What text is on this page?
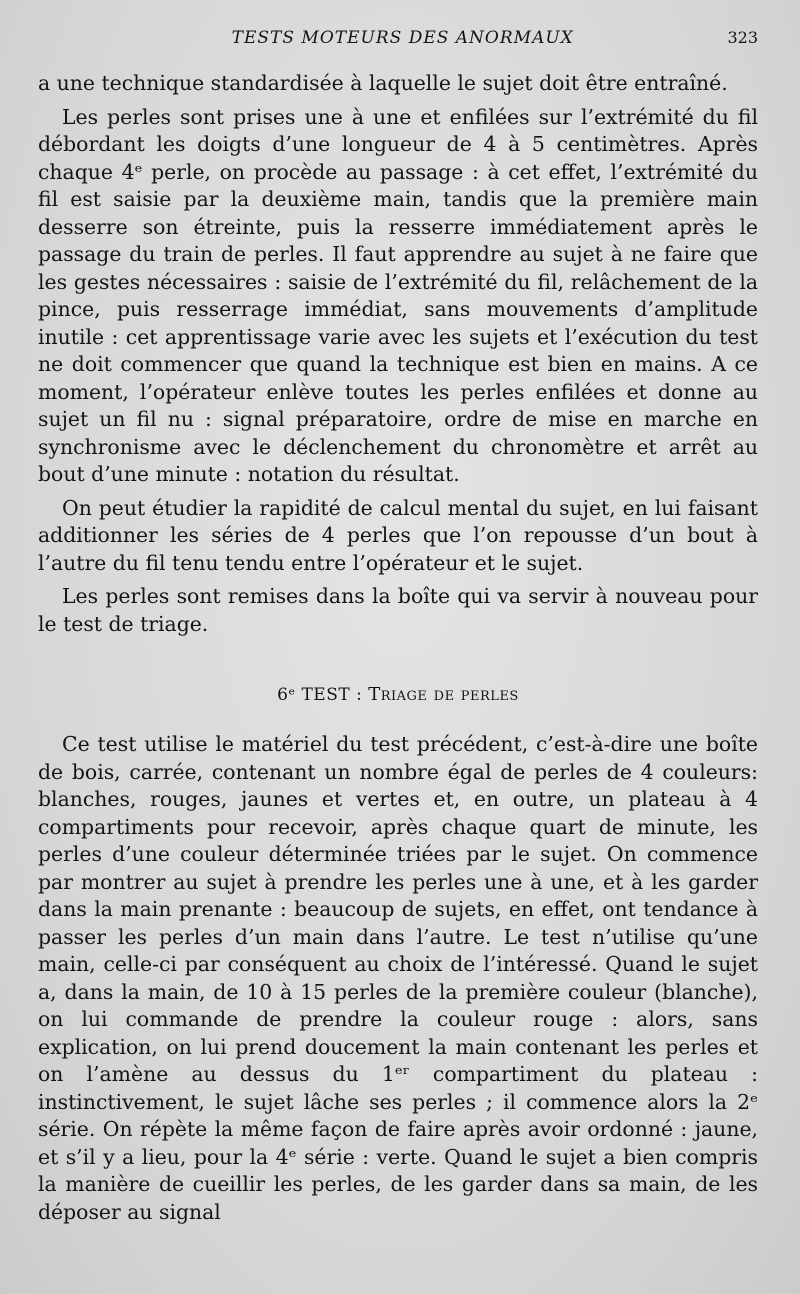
TESTS MOTEURS DES ANORMAUX	323

a une technique standardisée à laquelle le sujet doit être entraîné.

Les perles sont prises une à une et enfilées sur l’extrémité du fil débordant les doigts d’une longueur de 4 à 5 centimètres. Après chaque 4ᵉ perle, on procède au passage : à cet effet, l’extrémité du fil est saisie par la deuxième main, tandis que la première main desserre son étreinte, puis la resserre immédiatement après le passage du train de perles. Il faut apprendre au sujet à ne faire que les gestes nécessaires : saisie de l’extrémité du fil, relâchement de la pince, puis resserrage immédiat, sans mouvements d’amplitude inutile : cet apprentissage varie avec les sujets et l’exécution du test ne doit commencer que quand la technique est bien en mains. A ce moment, l’opérateur enlève toutes les perles enfilées et donne au sujet un fil nu : signal préparatoire, ordre de mise en marche en synchronisme avec le déclenchement du chronomètre et arrêt au bout d’une minute : notation du résultat.

On peut étudier la rapidité de calcul mental du sujet, en lui faisant additionner les séries de 4 perles que l’on repousse d’un bout à l’autre du fil tenu tendu entre l’opérateur et le sujet.

Les perles sont remises dans la boîte qui va servir à nouveau pour le test de triage.

6ᵉ TEST : Triage de perles

Ce test utilise le matériel du test précédent, c’est-à-dire une boîte de bois, carrée, contenant un nombre égal de perles de 4 couleurs: blanches, rouges, jaunes et vertes et, en outre, un plateau à 4 compartiments pour recevoir, après chaque quart de minute, les perles d’une couleur déterminée triées par le sujet. On commence par montrer au sujet à prendre les perles une à une, et à les garder dans la main prenante : beaucoup de sujets, en effet, ont tendance à passer les perles d’un main dans l’autre. Le test n’utilise qu’une main, celle-ci par conséquent au choix de l’intéressé. Quand le sujet a, dans la main, de 10 à 15 perles de la première couleur (blanche), on lui commande de prendre la couleur rouge : alors, sans explication, on lui prend doucement la main contenant les perles et on l’amène au dessus du 1ᵉʳ compartiment du plateau : instinctivement, le sujet lâche ses perles ; il commence alors la 2ᵉ série. On répète la même façon de faire après avoir ordonné : jaune, et s’il y a lieu, pour la 4ᵉ série : verte. Quand le sujet a bien compris la manière de cueillir les perles, de les garder dans sa main, de les déposer au signal
